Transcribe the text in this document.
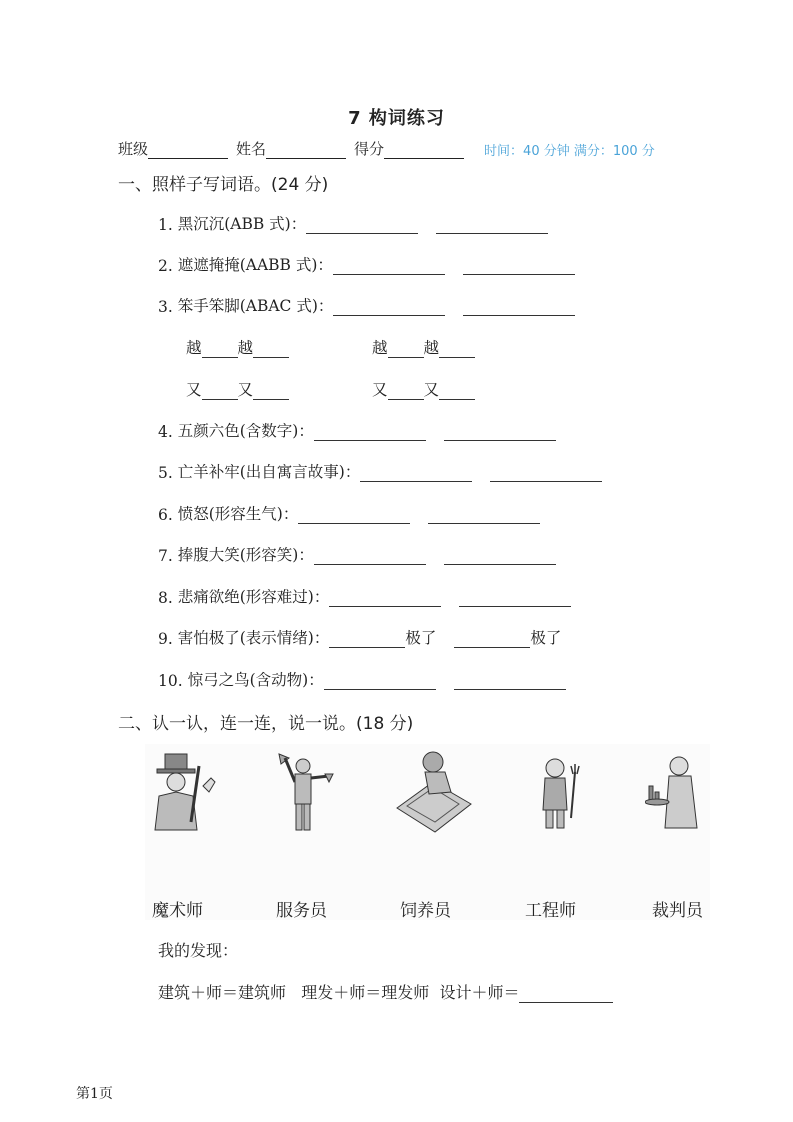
7 构词练习
班级	姓名	得分	时间：40 分钟 满分：100 分
一、照样子写词语。(24 分)
1.
黑沉沉(ABB 式)：
2.
遮遮掩掩(AABB 式)：
3.
笨手笨脚(ABAC 式)：
越 越	越 越
又 又	又 又
4.
五颜六色(含数字)：
5.
亡羊补牢(出自寓言故事)：
6.
愤怒(形容生气)：
7.
捧腹大笑(形容笑)：
8.
悲痛欲绝(形容难过)：
9.
害怕极了(表示情绪)：	极了	极了
10.
惊弓之鸟(含动物)：
二、认一认，连一连，说一说。(18 分)
魔术师	服务员	饲养员	工程师	裁判员
我的发现：
建筑＋师＝建筑师
理发＋师＝理发师
设计＋师＝
第1页
